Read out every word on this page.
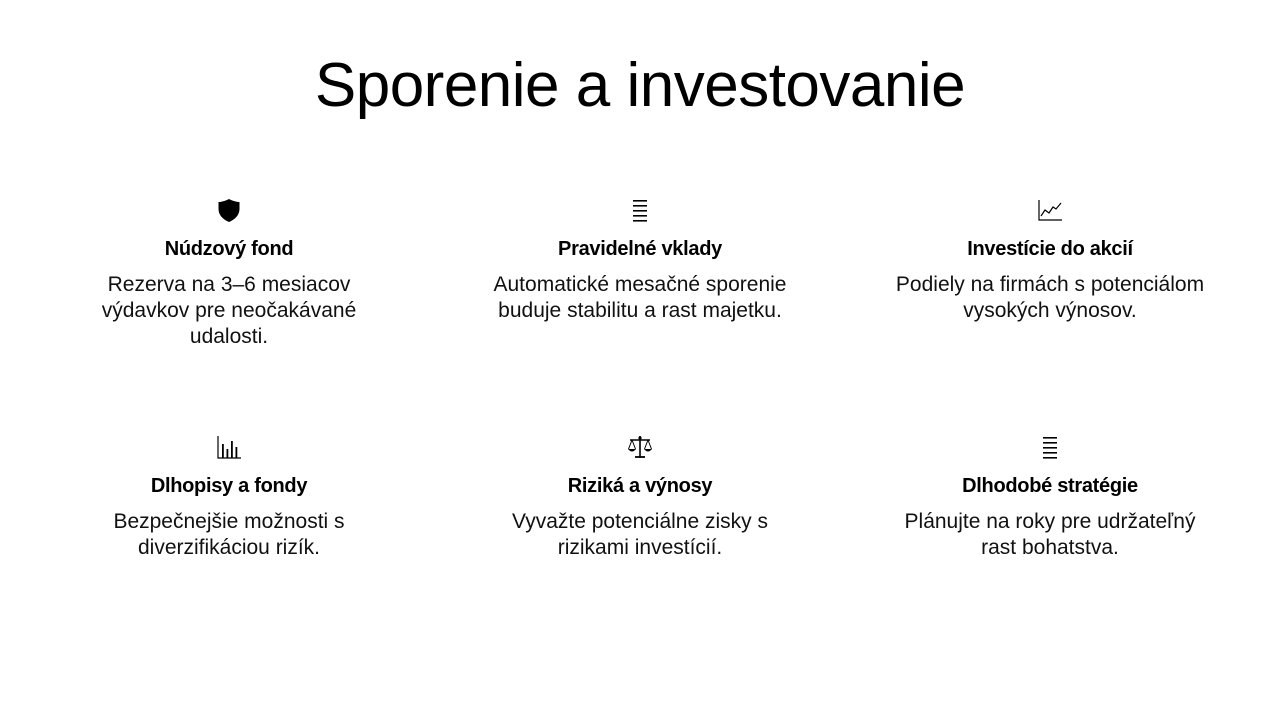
Sporenie a investovanie
Núdzový fond
Rezerva na 3–6 mesiacov výdavkov pre neočakávané udalosti.
Pravidelné vklady
Automatické mesačné sporenie buduje stabilitu a rast majetku.
Investície do akcií
Podiely na firmách s potenciálom vysokých výnosov.
Dlhopisy a fondy
Bezpečnejšie možnosti s diverzifikáciou rizík.
Riziká a výnosy
Vyvažte potenciálne zisky s rizikami investícií.
Dlhodobé stratégie
Plánujte na roky pre udržateľný rast bohatstva.
